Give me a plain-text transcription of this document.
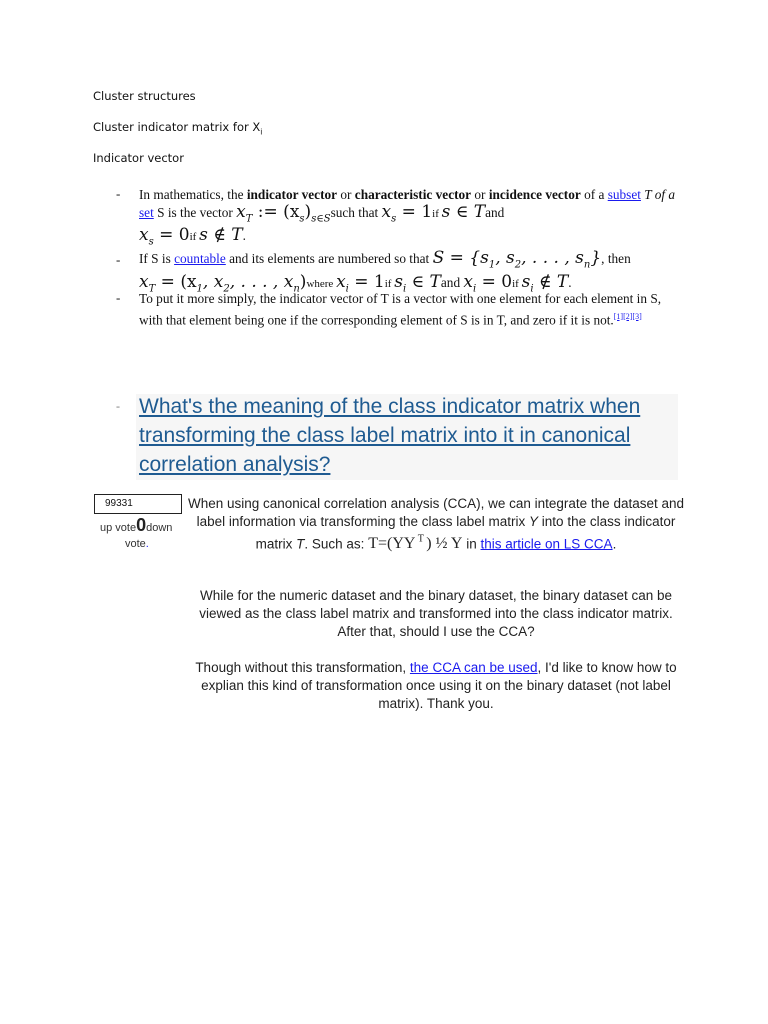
Cluster structures
Cluster indicator matrix for $X_i$
Indicator vector
- In mathematics, the indicator vector or characteristic vector or incidence vector of a subset T of a set S is the vector $x_T$ := $(x_s)_{s\in S}such$ that $x_s = 1if$ s ∈ Tand
$x_s = 0if$ s ∉ T.
- If S is countable and its elements are numbered so that $S = \{s_1$, $s_2$, . . . , $s_n$}, then
$x_T = (x_1$, $x_2$, . . . , $x_n)where$ $x_i = 1if$ $s_i$ ∈ Tand $x_i = 0if$ $s_i$ ∉ T.
- To put it more simply, the indicator vector of T is a vector with one element for each element in S, with that element being one if the corresponding element of S is in T, and zero if it is not.[1][2][3]
- What's the meaning of the class indicator matrix when transforming the class label matrix into it in canonical correlation analysis?
99331
up vote0down
vote.
When using canonical correlation analysis (CCA), we can integrate the dataset and label information via transforming the class label matrix Y into the class indicator matrix T. Such as: T=(YY $^T$ ) ½ Y in this article on LS CCA.
While for the numeric dataset and the binary dataset, the binary dataset can be viewed as the class label matrix and transformed into the class indicator matrix. After that, should I use the CCA?
Though without this transformation, the CCA can be used, I'd like to know how to explian this kind of transformation once using it on the binary dataset (not label matrix). Thank you.
